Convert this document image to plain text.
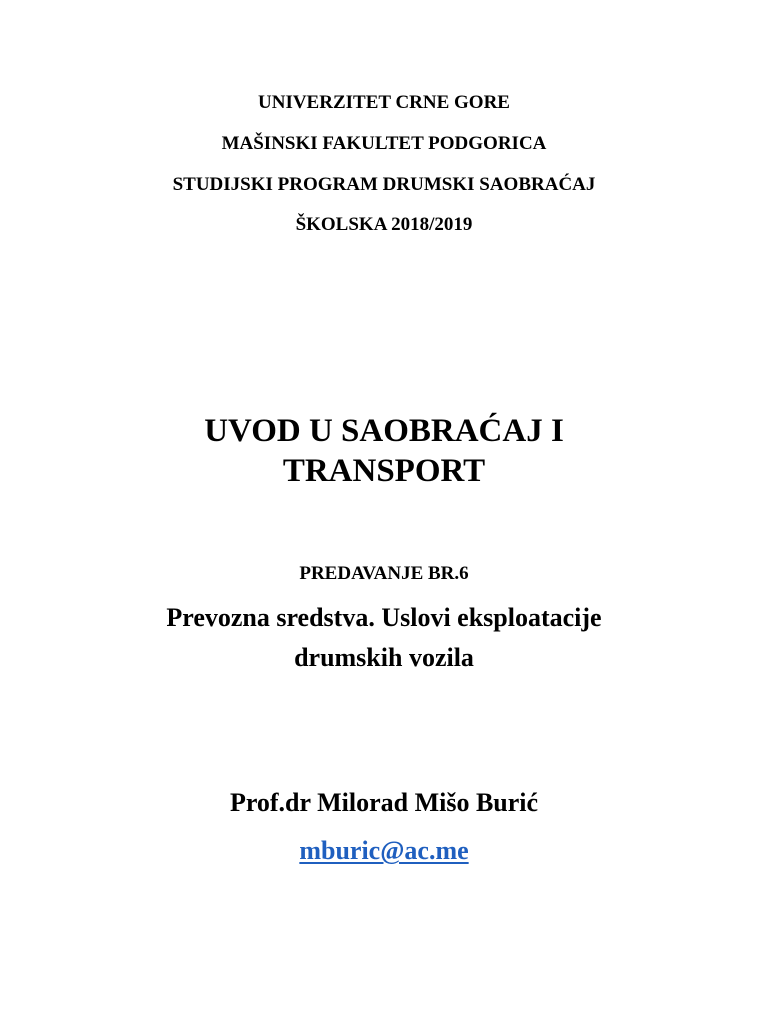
UNIVERZITET CRNE GORE
MAŠINSKI FAKULTET PODGORICA
STUDIJSKI PROGRAM DRUMSKI SAOBRAĆAJ
ŠKOLSKA 2018/2019
UVOD U SAOBRAĆAJ I
TRANSPORT
PREDAVANJE BR.6
Prevozna sredstva. Uslovi eksploatacije
drumskih vozila
Prof.dr Milorad Mišo Burić
mburic@ac.me
